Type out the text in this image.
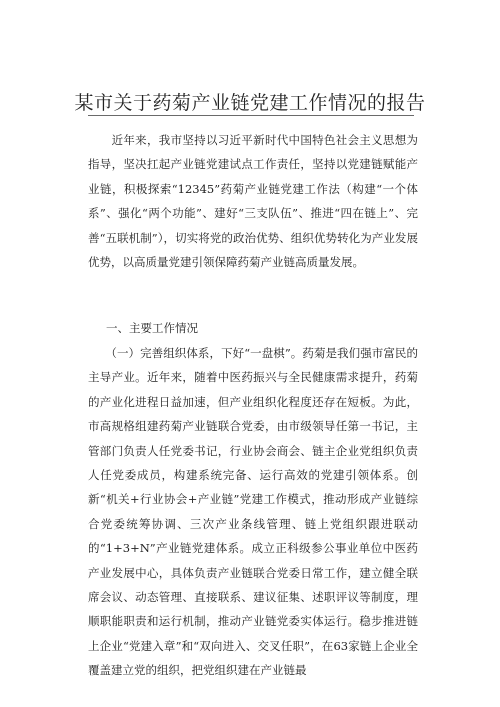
某市关于药菊产业链党建工作情况的报告

　　近年来，我市坚持以习近平新时代中国特色社会主义思想为指导，坚决扛起产业链党建试点工作责任，坚持以党建链赋能产业链，积极探索“12345”药菊产业链党建工作法（构建“一个体系”、强化“两个功能”、建好“三支队伍”、推进“四在链上”、完善“五联机制”），切实将党的政治优势、组织优势转化为产业发展优势，以高质量党建引领保障药菊产业链高质量发展。

一、主要工作情况

　　（一）完善组织体系，下好“一盘棋”。药菊是我们强市富民的主导产业。近年来，随着中医药振兴与全民健康需求提升，药菊的产业化进程日益加速，但产业组织化程度还存在短板。为此，市高规格组建药菊产业链联合党委，由市级领导任第一书记，主管部门负责人任党委书记，行业协会商会、链主企业党组织负责人任党委成员，构建系统完备、运行高效的党建引领体系。创新“机关+行业协会+产业链”党建工作模式，推动形成产业链综合党委统筹协调、三次产业条线管理、链上党组织跟进联动的“1+3+N”产业链党建体系。成立正科级参公事业单位中医药产业发展中心，具体负责产业链联合党委日常工作，建立健全联席会议、动态管理、直接联系、建议征集、述职评议等制度，理顺职能职责和运行机制，推动产业链党委实体运行。稳步推进链上企业“党建入章”和“双向进入、交叉任职”，在63家链上企业全覆盖建立党的组织，把党组织建在产业链最
